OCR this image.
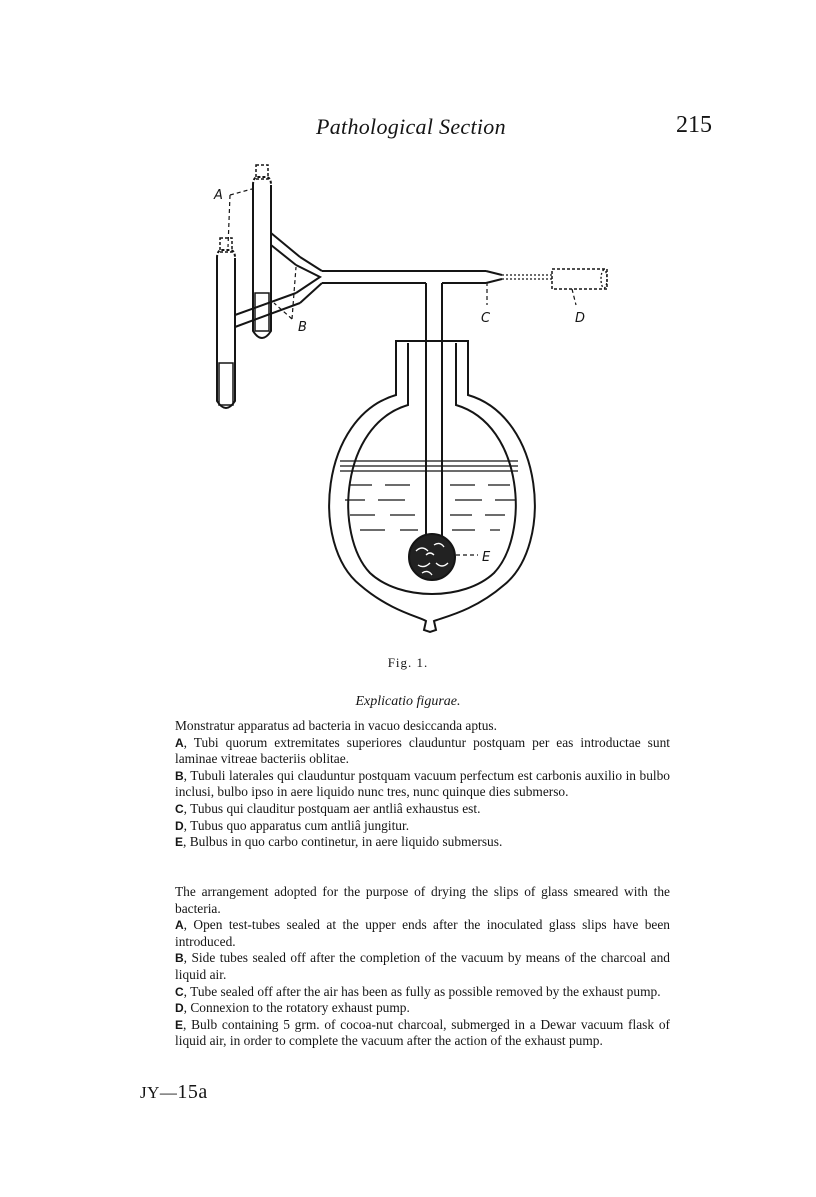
Pathological Section	215
A
B
C	D
E
Fig. 1.
Explicatio figurae.

Monstratur apparatus ad bacteria in vacuo desiccanda aptus.

A, Tubi quorum extremitates superiores clauduntur postquam per eas introductae sunt laminae vitreae bacteriis oblitae.

B, Tubuli laterales qui clauduntur postquam vacuum perfectum est carbonis auxilio in bulbo inclusi, bulbo ipso in aere liquido nunc tres, nunc quinque dies submerso.

C, Tubus qui clauditur postquam aer antliâ exhaustus est.

D, Tubus quo apparatus cum antliâ jungitur.

E, Bulbus in quo carbo continetur, in aere liquido submersus.

The arrangement adopted for the purpose of drying the slips of glass smeared with the bacteria.

A, Open test-tubes sealed at the upper ends after the inoculated glass slips have been introduced.

B, Side tubes sealed off after the completion of the vacuum by means of the charcoal and liquid air.

C, Tube sealed off after the air has been as fully as possible removed by the exhaust pump.

D, Connexion to the rotatory exhaust pump.

E, Bulb containing 5 grm. of cocoa-nut charcoal, submerged in a Dewar vacuum flask of liquid air, in order to complete the vacuum after the action of the exhaust pump.

JY—15a
